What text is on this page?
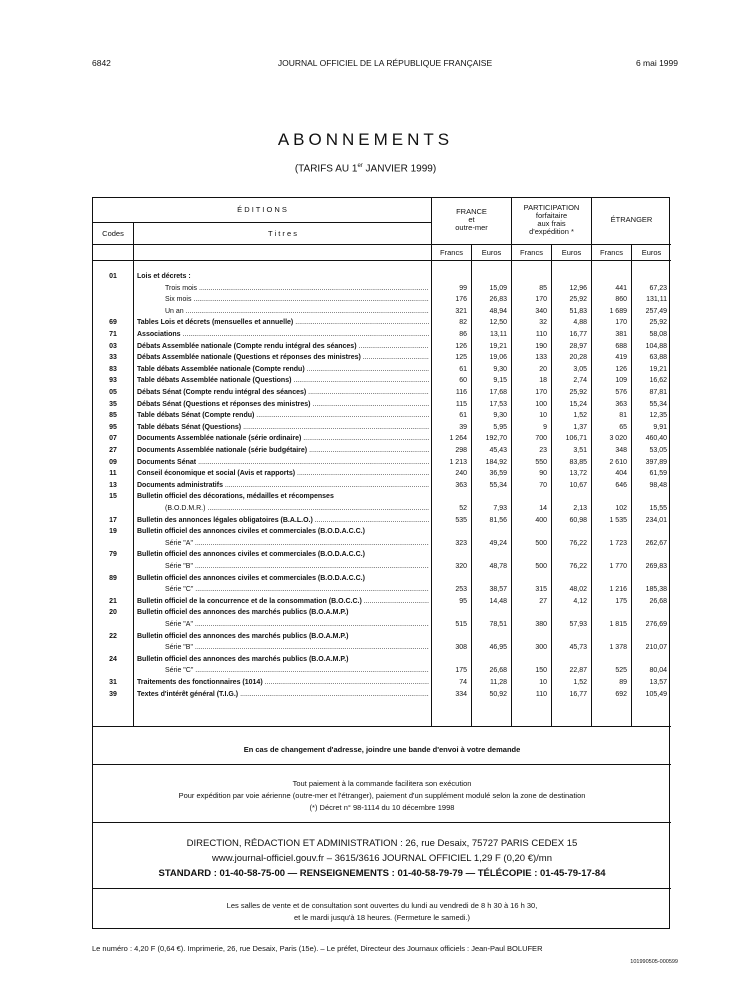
6842	JOURNAL OFFICIEL DE LA RÉPUBLIQUE FRANÇAISE	6 mai 1999
ABONNEMENTS
(TARIFS AU 1er JANVIER 1999)
É D I T I O N S
Codes	T i t r e s
FRANCE
et
outre-mer
PARTICIPATION
forfaitaire
aux frais
d'expédition *
ÉTRANGER
Francs	Euros	Francs	Euros	Francs	Euros
01	Lois et décrets :
Trois mois .....	99	15,09	85	12,96	441	67,23
Six mois .....	176	26,83	170	25,92	860	131,11
Un an .....	321	48,94	340	51,83	1 689	257,49
69	Tables Lois et décrets (mensuelles et annuelle) .....	82	12,50	32	4,88	170	25,92
71	Associations .....	86	13,11	110	16,77	381	58,08
03	Débats Assemblée nationale (Compte rendu intégral des séances) .....	126	19,21	190	28,97	688	104,88
33	Débats Assemblée nationale (Questions et réponses des ministres) .....	125	19,06	133	20,28	419	63,88
83	Table débats Assemblée nationale (Compte rendu) .....	61	9,30	20	3,05	126	19,21
93	Table débats Assemblée nationale (Questions) .....	60	9,15	18	2,74	109	16,62
05	Débats Sénat (Compte rendu intégral des séances) .....	116	17,68	170	25,92	576	87,81
35	Débats Sénat (Questions et réponses des ministres) .....	115	17,53	100	15,24	363	55,34
85	Table débats Sénat (Compte rendu) .....	61	9,30	10	1,52	81	12,35
95	Table débats Sénat (Questions) .....	39	5,95	9	1,37	65	9,91
07	Documents Assemblée nationale (série ordinaire) .....	1 264	192,70	700	106,71	3 020	460,40
27	Documents Assemblée nationale (série budgétaire) .....	298	45,43	23	3,51	348	53,05
09	Documents Sénat .....	1 213	184,92	550	83,85	2 610	397,89
11	Conseil économique et social (Avis et rapports) .....	240	36,59	90	13,72	404	61,59
13	Documents administratifs .....	363	55,34	70	10,67	646	98,48
15	Bulletin officiel des décorations, médailles et récompenses
(B.O.D.M.R.) .....	52	7,93	14	2,13	102	15,55
17	Bulletin des annonces légales obligatoires (B.A.L.O.) .....	535	81,56	400	60,98	1 535	234,01
19	Bulletin officiel des annonces civiles et commerciales (B.O.D.A.C.C.)
Série "A" .....	323	49,24	500	76,22	1 723	262,67
79	Bulletin officiel des annonces civiles et commerciales (B.O.D.A.C.C.)
Série "B" .....	320	48,78	500	76,22	1 770	269,83
89	Bulletin officiel des annonces civiles et commerciales (B.O.D.A.C.C.)
Série "C" .....	253	38,57	315	48,02	1 216	185,38
21	Bulletin officiel de la concurrence et de la consommation (B.O.C.C.) .....	95	14,48	27	4,12	175	26,68
20	Bulletin officiel des annonces des marchés publics (B.O.A.M.P.)
Série "A" .....	515	78,51	380	57,93	1 815	276,69
22	Bulletin officiel des annonces des marchés publics (B.O.A.M.P.)
Série "B" .....	308	46,95	300	45,73	1 378	210,07
24	Bulletin officiel des annonces des marchés publics (B.O.A.M.P.)
Série "C" .....	175	26,68	150	22,87	525	80,04
31	Traitements des fonctionnaires (1014) .....	74	11,28	10	1,52	89	13,57
39	Textes d'intérêt général (T.I.G.) .....	334	50,92	110	16,77	692	105,49
En cas de changement d'adresse, joindre une bande d'envoi à votre demande
Tout paiement à la commande facilitera son exécution
Pour expédition par voie aérienne (outre-mer et l'étranger), paiement d'un supplément modulé selon la zone de destination
(*) Décret n° 98-1114 du 10 décembre 1998
DIRECTION, RÉDACTION ET ADMINISTRATION : 26, rue Desaix, 75727 PARIS CEDEX 15
www.journal-officiel.gouv.fr – 3615/3616 JOURNAL OFFICIEL 1,29 F (0,20 €)/mn
STANDARD : 01-40-58-75-00 — RENSEIGNEMENTS : 01-40-58-79-79 — TÉLÉCOPIE : 01-45-79-17-84
Les salles de vente et de consultation sont ouvertes du lundi au vendredi de 8 h 30 à 16 h 30,
et le mardi jusqu'à 18 heures. (Fermeture le samedi.)
Le numéro : 4,20 F (0,64 €). Imprimerie, 26, rue Desaix, Paris (15e). – Le préfet, Directeur des Journaux officiels : Jean-Paul BOLUFER
101990505-000599
